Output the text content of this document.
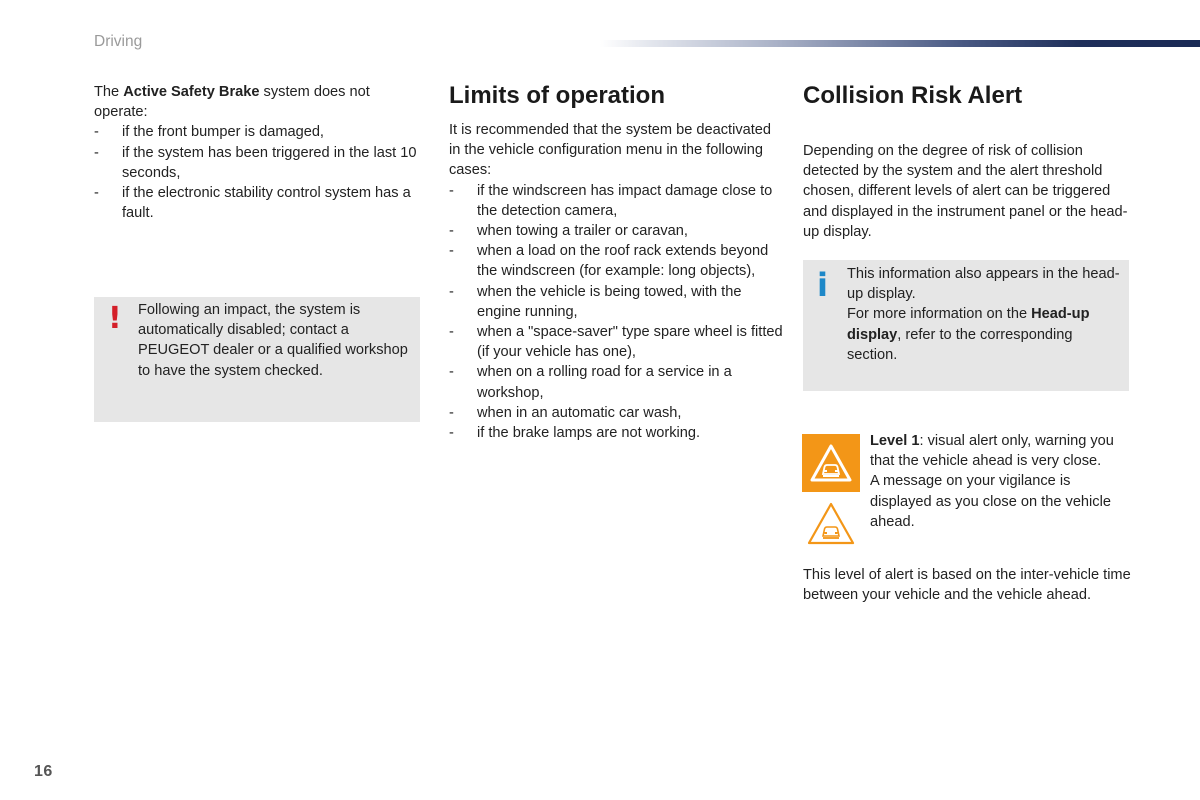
Driving

The Active Safety Brake system does not operate:

- if the front bumper is damaged,
- if the system has been triggered in the last 10 seconds,
- if the electronic stability control system has a fault.
! Following an impact, the system is automatically disabled; contact a PEUGEOT dealer or a qualified workshop to have the system checked.
Limits of operation

It is recommended that the system be deactivated in the vehicle configuration menu in the following cases:

- if the windscreen has impact damage close to the detection camera,
- when towing a trailer or caravan,
- when a load on the roof rack extends beyond the windscreen (for example: long objects),
- when the vehicle is being towed, with the engine running,
- when a "space-saver" type spare wheel is fitted (if your vehicle has one),
- when on a rolling road for a service in a workshop,
- when in an automatic car wash,
- if the brake lamps are not working.
Collision Risk Alert

Depending on the degree of risk of collision detected by the system and the alert threshold chosen, different levels of alert can be triggered and displayed in the instrument panel or the head-up display.

i This information also appears in the head-up display.
For more information on the Head-up display, refer to the corresponding section.
Level 1: visual alert only, warning you that the vehicle ahead is very close.
A message on your vigilance is displayed as you close on the vehicle ahead.

This level of alert is based on the inter-vehicle time between your vehicle and the vehicle ahead.

16
